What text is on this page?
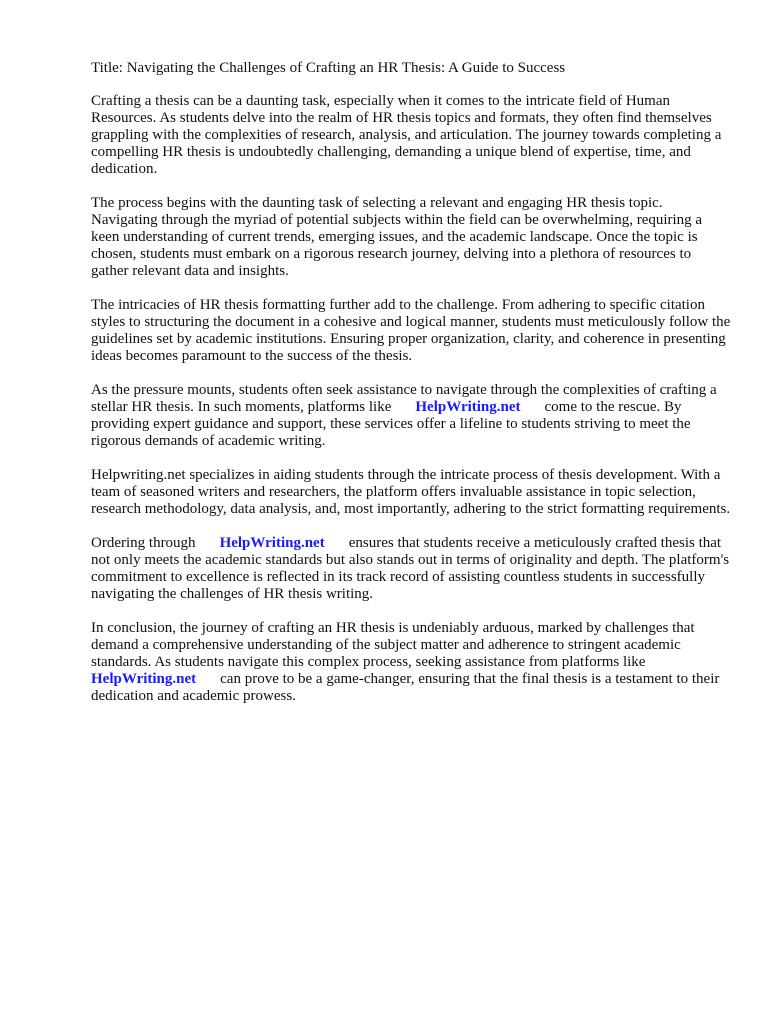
Title: Navigating the Challenges of Crafting an HR Thesis: A Guide to Success

Crafting a thesis can be a daunting task, especially when it comes to the intricate field of Human Resources. As students delve into the realm of HR thesis topics and formats, they often find themselves grappling with the complexities of research, analysis, and articulation. The journey towards completing a compelling HR thesis is undoubtedly challenging, demanding a unique blend of expertise, time, and dedication.

The process begins with the daunting task of selecting a relevant and engaging HR thesis topic. Navigating through the myriad of potential subjects within the field can be overwhelming, requiring a keen understanding of current trends, emerging issues, and the academic landscape. Once the topic is chosen, students must embark on a rigorous research journey, delving into a plethora of resources to gather relevant data and insights.

The intricacies of HR thesis formatting further add to the challenge. From adhering to specific citation styles to structuring the document in a cohesive and logical manner, students must meticulously follow the guidelines set by academic institutions. Ensuring proper organization, clarity, and coherence in presenting ideas becomes paramount to the success of the thesis.

As the pressure mounts, students often seek assistance to navigate through the complexities of crafting a stellar HR thesis. In such moments, platforms like HelpWriting.net come to the rescue. By providing expert guidance and support, these services offer a lifeline to students striving to meet the rigorous demands of academic writing.

Helpwriting.net specializes in aiding students through the intricate process of thesis development. With a team of seasoned writers and researchers, the platform offers invaluable assistance in topic selection, research methodology, data analysis, and, most importantly, adhering to the strict formatting requirements.

Ordering through HelpWriting.net ensures that students receive a meticulously crafted thesis that not only meets the academic standards but also stands out in terms of originality and depth. The platform's commitment to excellence is reflected in its track record of assisting countless students in successfully navigating the challenges of HR thesis writing.

In conclusion, the journey of crafting an HR thesis is undeniably arduous, marked by challenges that demand a comprehensive understanding of the subject matter and adherence to stringent academic standards. As students navigate this complex process, seeking assistance from platforms like HelpWriting.net can prove to be a game-changer, ensuring that the final thesis is a testament to their dedication and academic prowess.
